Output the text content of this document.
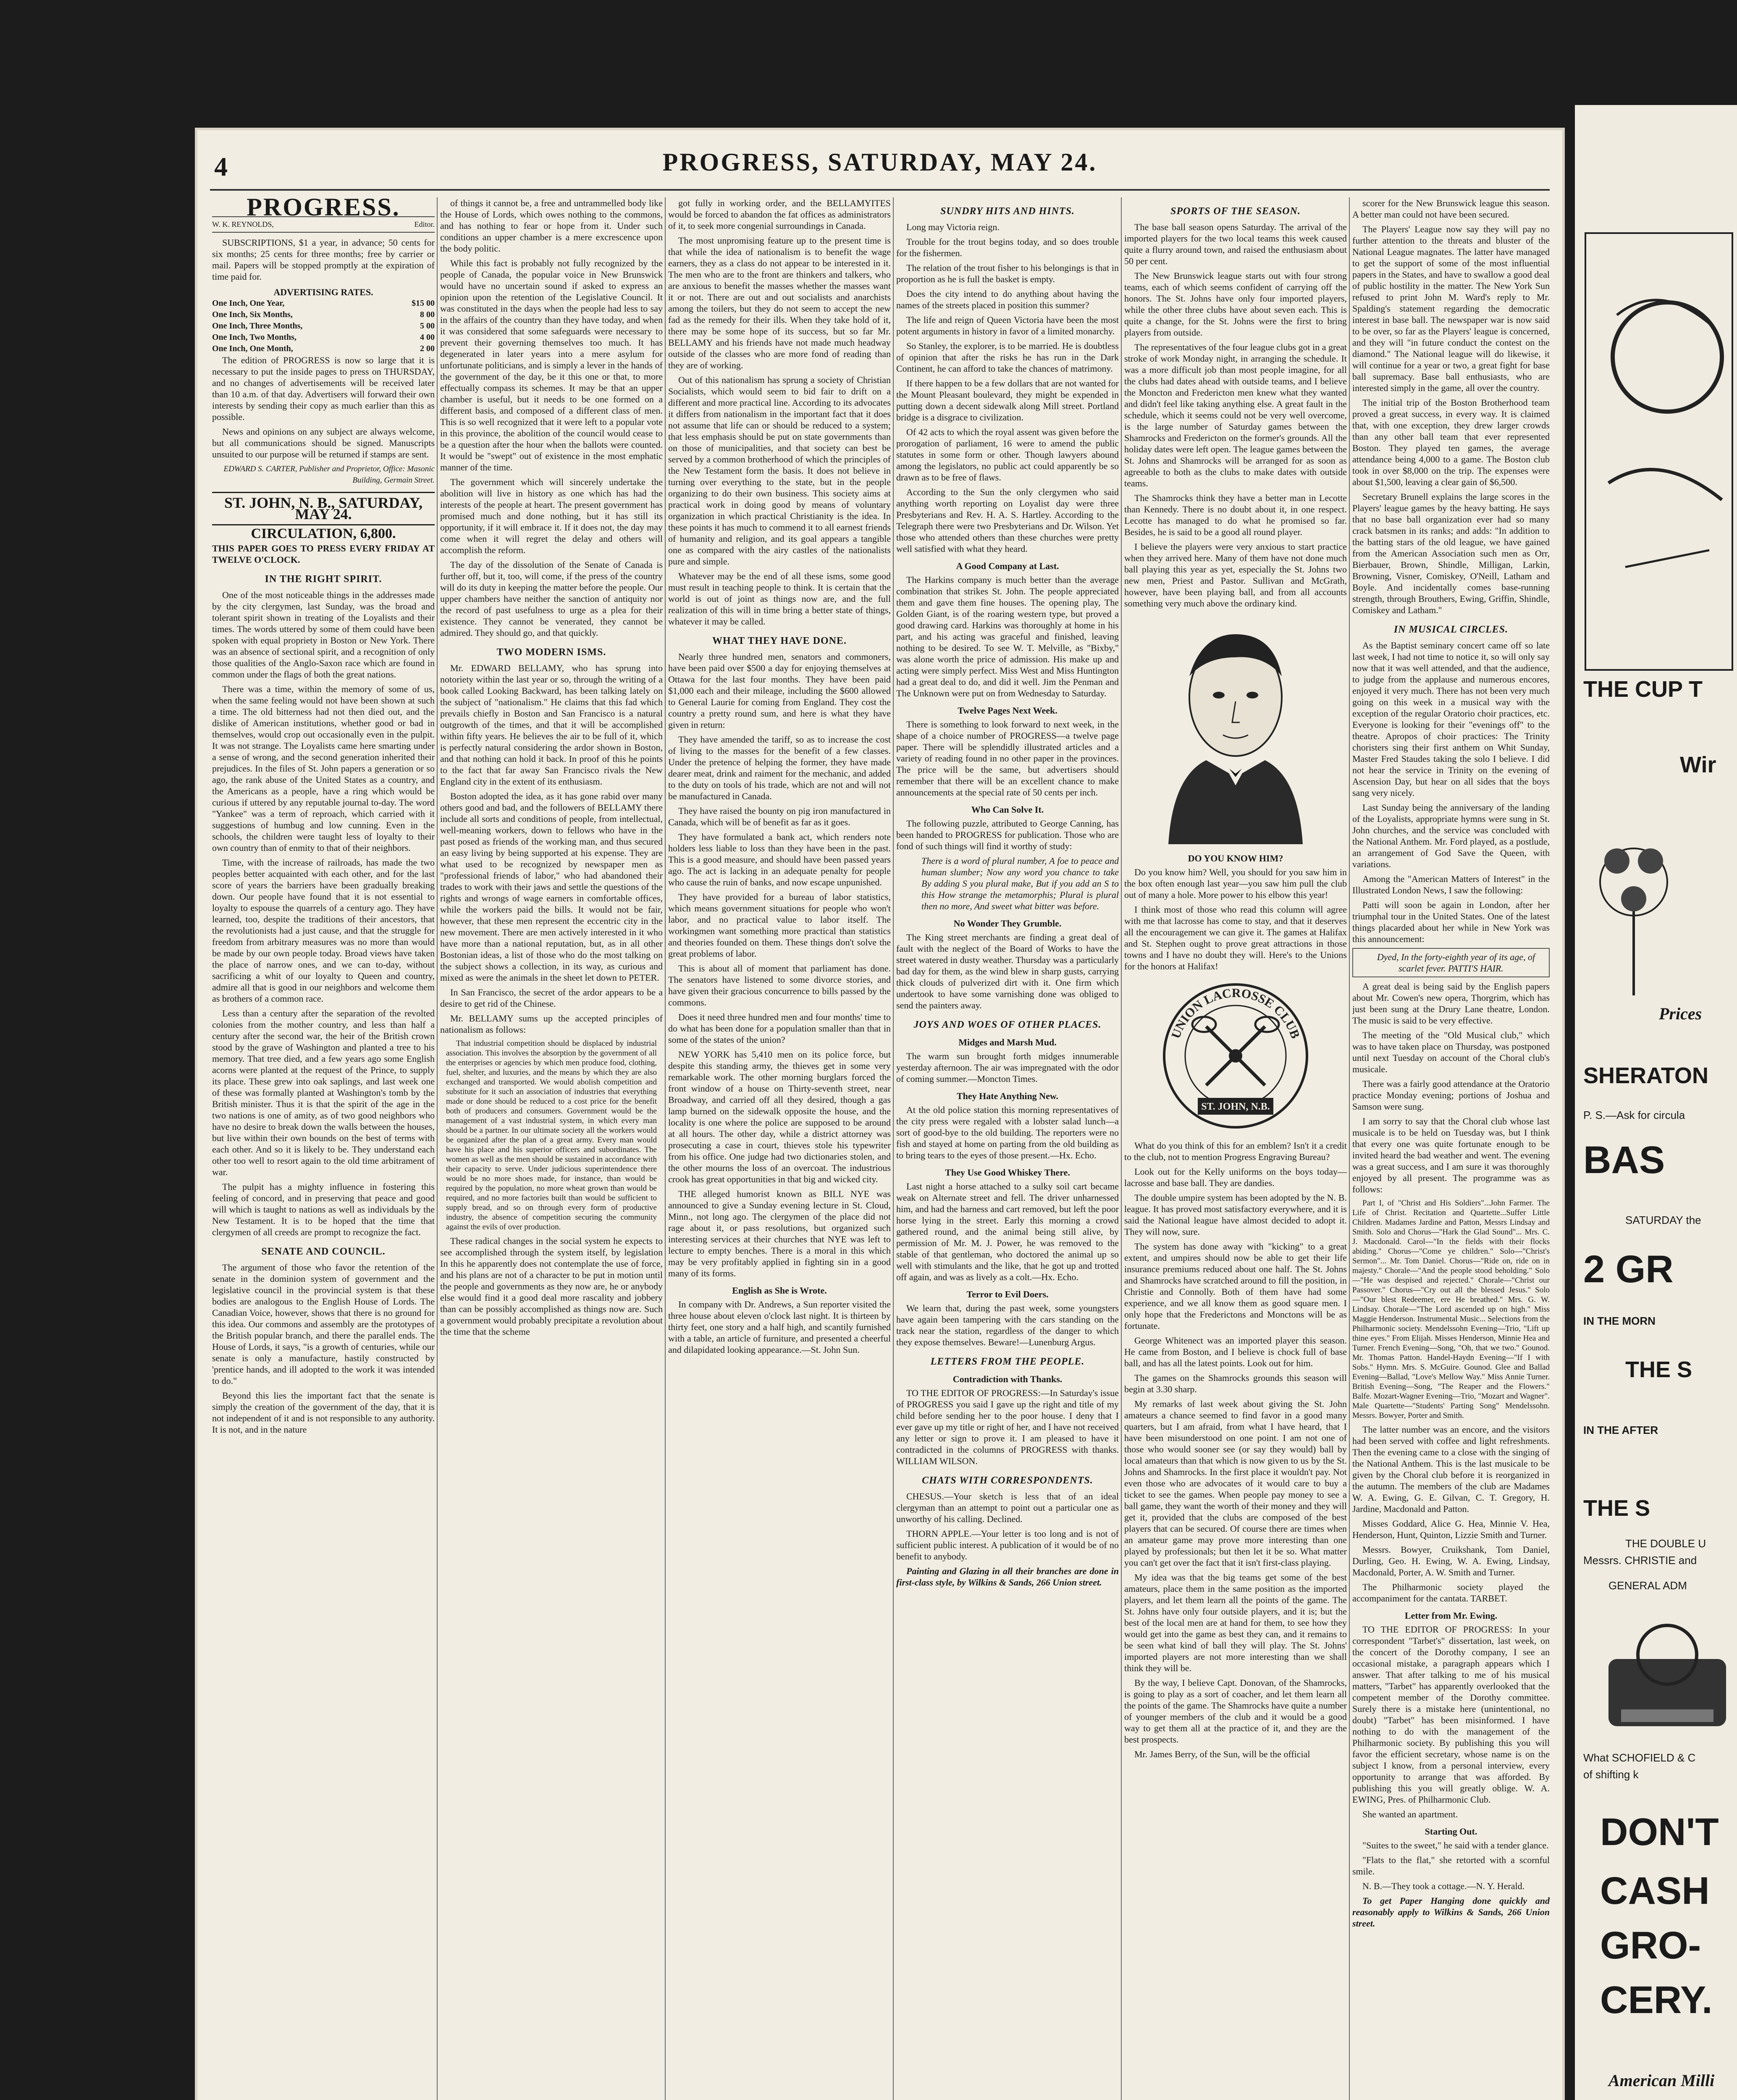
4	PROGRESS, SATURDAY, MAY 24.
PROGRESS.
W. K. REYNOLDS,	Editor.

SUBSCRIPTIONS, $1 a year, in advance; 50 cents for six months; 25 cents for three months; free by carrier or mail. Papers will be stopped promptly at the expiration of time paid for.

ADVERTISING RATES.
One Inch, One Year,	$15 00
One Inch, Six Months,	8 00
One Inch, Three Months,	5 00
One Inch, Two Months,	4 00
One Inch, One Month,	2 00

The edition of PROGRESS is now so large that it is necessary to put the inside pages to press on THURSDAY, and no changes of advertisements will be received later than 10 a.m. of that day. Advertisers will forward their own interests by sending their copy as much earlier than this as possible.

News and opinions on any subject are always welcome, but all communications should be signed. Manuscripts unsuited to our purpose will be returned if stamps are sent.

EDWARD S. CARTER, Publisher and Proprietor, Office: Masonic Building, Germain Street.
ST. JOHN, N. B., SATURDAY, MAY 24.
CIRCULATION, 6,800.
THIS PAPER GOES TO PRESS EVERY FRIDAY AT TWELVE O'CLOCK.
IN THE RIGHT SPIRIT.

One of the most noticeable things in the addresses made by the city clergymen, last Sunday, was the broad and tolerant spirit shown in treating of the Loyalists and their times. The words uttered by some of them could have been spoken with equal propriety in Boston or New York. There was an absence of sectional spirit, and a recognition of only those qualities of the Anglo-Saxon race which are found in common under the flags of both the great nations.

There was a time, within the memory of some of us, when the same feeling would not have been shown at such a time. The old bitterness had not then died out, and the dislike of American institutions, whether good or bad in themselves, would crop out occasionally even in the pulpit. It was not strange. The Loyalists came here smarting under a sense of wrong, and the second generation inherited their prejudices. In the files of St. John papers a generation or so ago, the rank abuse of the United States as a country, and the Americans as a people, have a ring which would be curious if uttered by any reputable journal to-day. The word "Yankee" was a term of reproach, which carried with it suggestions of humbug and low cunning. Even in the schools, the children were taught less of loyalty to their own country than of enmity to that of their neighbors.

Time, with the increase of railroads, has made the two peoples better acquainted with each other, and for the last score of years the barriers have been gradually breaking down. Our people have found that it is not essential to loyalty to espouse the quarrels of a century ago. They have learned, too, despite the traditions of their ancestors, that the revolutionists had a just cause, and that the struggle for freedom from arbitrary measures was no more than would be made by our own people today. Broad views have taken the place of narrow ones, and we can to-day, without sacrificing a whit of our loyalty to Queen and country, admire all that is good in our neighbors and welcome them as brothers of a common race.

Less than a century after the separation of the revolted colonies from the mother country, and less than half a century after the second war, the heir of the British crown stood by the grave of Washington and planted a tree to his memory. That tree died, and a few years ago some English acorns were planted at the request of the Prince, to supply its place. These grew into oak saplings, and last week one of these was formally planted at Washington's tomb by the British minister. Thus it is that the spirit of the age in the two nations is one of amity, as of two good neighbors who have no desire to break down the walls between the houses, but live within their own bounds on the best of terms with each other. And so it is likely to be. They understand each other too well to resort again to the old time arbitrament of war.

The pulpit has a mighty influence in fostering this feeling of concord, and in preserving that peace and good will which is taught to nations as well as individuals by the New Testament. It is to be hoped that the time that clergymen of all creeds are prompt to recognize the fact.

SENATE AND COUNCIL.

The argument of those who favor the retention of the senate in the dominion system of government and the legislative council in the provincial system is that these bodies are analogous to the English House of Lords. The Canadian Voice, however, shows that there is no ground for this idea. Our commons and assembly are the prototypes of the British popular branch, and there the parallel ends. The House of Lords, it says, "is a growth of centuries, while our senate is only a manufacture, hastily constructed by 'prentice hands, and ill adopted to the work it was intended to do."

Beyond this lies the important fact that the senate is simply the creation of the government of the day, that it is not independent of it and is not responsible to any authority. It is not, and in the nature

of things it cannot be, a free and untrammelled body like the House of Lords, which owes nothing to the commons, and has nothing to fear or hope from it. Under such conditions an upper chamber is a mere excrescence upon the body politic.

While this fact is probably not fully recognized by the people of Canada, the popular voice in New Brunswick would have no uncertain sound if asked to express an opinion upon the retention of the Legislative Council. It was constituted in the days when the people had less to say in the affairs of the country than they have today, and when it was considered that some safeguards were necessary to prevent their governing themselves too much. It has degenerated in later years into a mere asylum for unfortunate politicians, and is simply a lever in the hands of the government of the day, be it this one or that, to more effectually compass its schemes. It may be that an upper chamber is useful, but it needs to be one formed on a different basis, and composed of a different class of men. This is so well recognized that it were left to a popular vote in this province, the abolition of the council would cease to be a question after the hour when the ballots were counted. It would be "swept" out of existence in the most emphatic manner of the time.

The government which will sincerely undertake the abolition will live in history as one which has had the interests of the people at heart. The present government has promised much and done nothing, but it has still its opportunity, if it will embrace it. If it does not, the day may come when it will regret the delay and others will accomplish the reform.

The day of the dissolution of the Senate of Canada is further off, but it, too, will come, if the press of the country will do its duty in keeping the matter before the people. Our upper chambers have neither the sanction of antiquity nor the record of past usefulness to urge as a plea for their existence. They cannot be venerated, they cannot be admired. They should go, and that quickly.

TWO MODERN ISMS.

Mr. EDWARD BELLAMY, who has sprung into notoriety within the last year or so, through the writing of a book called Looking Backward, has been talking lately on the subject of "nationalism." He claims that this fad which prevails chiefly in Boston and San Francisco is a natural outgrowth of the times, and that it will be accomplished within fifty years. He believes the air to be full of it, which is perfectly natural considering the ardor shown in Boston, and that nothing can hold it back. In proof of this he points to the fact that far away San Francisco rivals the New England city in the extent of its enthusiasm.

Boston adopted the idea, as it has gone rabid over many others good and bad, and the followers of BELLAMY there include all sorts and conditions of people, from intellectual, well-meaning workers, down to fellows who have in the past posed as friends of the working man, and thus secured an easy living by being supported at his expense. They are what used to be recognized by newspaper men as "professional friends of labor," who had abandoned their trades to work with their jaws and settle the questions of the rights and wrongs of wage earners in comfortable offices, while the workers paid the bills. It would not be fair, however, that these men represent the eccentric city in the new movement. There are men actively interested in it who have more than a national reputation, but, as in all other Bostonian ideas, a list of those who do the most talking on the subject shows a collection, in its way, as curious and mixed as were the animals in the sheet let down to PETER.

In San Francisco, the secret of the ardor appears to be a desire to get rid of the Chinese.

Mr. BELLAMY sums up the accepted principles of nationalism as follows:

That industrial competition should be displaced by industrial association. This involves the absorption by the government of all the enterprises or agencies by which men produce food, clothing, fuel, shelter, and luxuries, and the means by which they are also exchanged and transported. We would abolish competition and substitute for it such an association of industries that everything made or done should be reduced to a cost price for the benefit both of producers and consumers. Government would be the management of a vast industrial system, in which every man should be a partner. In our ultimate society all the workers would be organized after the plan of a great army. Every man would have his place and his superior officers and subordinates. The women as well as the men should be sustained in accordance with their capacity to serve. Under judicious superintendence there would be no more shoes made, for instance, than would be required by the population, no more wheat grown than would be required, and no more factories built than would be sufficient to supply bread, and so on through every form of productive industry, the absence of competition securing the community against the evils of over production.

These radical changes in the social system he expects to see accomplished through the system itself, by legislation In this he apparently does not contemplate the use of force, and his plans are not of a character to be put in motion until the people and governments as they now are, he or anybody else would find it a good deal more rascality and jobbery than can be possibly accomplished as things now are. Such a government would probably precipitate a revolution about the time that the scheme

got fully in working order, and the BELLAMYITES would be forced to abandon the fat offices as administrators of it, to seek more congenial surroundings in Canada.

The most unpromising feature up to the present time is that while the idea of nationalism is to benefit the wage earners, they as a class do not appear to be interested in it. The men who are to the front are thinkers and talkers, who are anxious to benefit the masses whether the masses want it or not. There are out and out socialists and anarchists among the toilers, but they do not seem to accept the new fad as the remedy for their ills. When they take hold of it, there may be some hope of its success, but so far Mr. BELLAMY and his friends have not made much headway outside of the classes who are more fond of reading than they are of working.

Out of this nationalism has sprung a society of Christian Socialists, which would seem to bid fair to drift on a different and more practical line. According to its advocates it differs from nationalism in the important fact that it does not assume that life can or should be reduced to a system; that less emphasis should be put on state governments than on those of municipalities, and that society can best be served by a common brotherhood of which the principles of the New Testament form the basis. It does not believe in turning over everything to the state, but in the people organizing to do their own business. This society aims at practical work in doing good by means of voluntary organization in which practical Christianity is the idea. In these points it has much to commend it to all earnest friends of humanity and religion, and its goal appears a tangible one as compared with the airy castles of the nationalists pure and simple.

Whatever may be the end of all these isms, some good must result in teaching people to think. It is certain that the world is out of joint as things now are, and the full realization of this will in time bring a better state of things, whatever it may be called.

WHAT THEY HAVE DONE.

Nearly three hundred men, senators and commoners, have been paid over $500 a day for enjoying themselves at Ottawa for the last four months. They have been paid $1,000 each and their mileage, including the $600 allowed to General Laurie for coming from England. They cost the country a pretty round sum, and here is what they have given in return:

They have amended the tariff, so as to increase the cost of living to the masses for the benefit of a few classes. Under the pretence of helping the former, they have made dearer meat, drink and raiment for the mechanic, and added to the duty on tools of his trade, which are not and will not be manufactured in Canada.

They have raised the bounty on pig iron manufactured in Canada, which will be of benefit as far as it goes.

They have formulated a bank act, which renders note holders less liable to loss than they have been in the past. This is a good measure, and should have been passed years ago. The act is lacking in an adequate penalty for people who cause the ruin of banks, and now escape unpunished.

They have provided for a bureau of labor statistics, which means government situations for people who won't labor, and no practical value to labor itself. The workingmen want something more practical than statistics and theories founded on them. These things don't solve the great problems of labor.

This is about all of moment that parliament has done. The senators have listened to some divorce stories, and have given their gracious concurrence to bills passed by the commons.

Does it need three hundred men and four months' time to do what has been done for a population smaller than that in some of the states of the union?

NEW YORK has 5,410 men on its police force, but despite this standing army, the thieves get in some very remarkable work. The other morning burglars forced the front window of a house on Thirty-seventh street, near Broadway, and carried off all they desired, though a gas lamp burned on the sidewalk opposite the house, and the locality is one where the police are supposed to be around at all hours. The other day, while a district attorney was prosecuting a case in court, thieves stole his typewriter from his office. One judge had two dictionaries stolen, and the other mourns the loss of an overcoat. The industrious crook has great opportunities in that big and wicked city.

THE alleged humorist known as BILL NYE was announced to give a Sunday evening lecture in St. Cloud, Minn., not long ago. The clergymen of the place did not rage about it, or pass resolutions, but organized such interesting services at their churches that NYE was left to lecture to empty benches. There is a moral in this which may be very profitably applied in fighting sin in a good many of its forms.

English as She is Wrote.

In company with Dr. Andrews, a Sun reporter visited the three house about eleven o'clock last night. It is thirteen by thirty feet, one story and a half high, and scantily furnished with a table, an article of furniture, and presented a cheerful and dilapidated looking appearance.—St. John Sun.

SUNDRY HITS AND HINTS.

Long may Victoria reign.

Trouble for the trout begins today, and so does trouble for the fishermen.

The relation of the trout fisher to his belongings is that in proportion as he is full the basket is empty.

Does the city intend to do anything about having the names of the streets placed in position this summer?

The life and reign of Queen Victoria have been the most potent arguments in history in favor of a limited monarchy.

So Stanley, the explorer, is to be married. He is doubtless of opinion that after the risks he has run in the Dark Continent, he can afford to take the chances of matrimony.

If there happen to be a few dollars that are not wanted for the Mount Pleasant boulevard, they might be expended in putting down a decent sidewalk along Mill street. Portland bridge is a disgrace to civilization.

Of 42 acts to which the royal assent was given before the prorogation of parliament, 16 were to amend the public statutes in some form or other. Though lawyers abound among the legislators, no public act could apparently be so drawn as to be free of flaws.

According to the Sun the only clergymen who said anything worth reporting on Loyalist day were three Presbyterians and Rev. H. A. S. Hartley. According to the Telegraph there were two Presbyterians and Dr. Wilson. Yet those who attended others than these churches were pretty well satisfied with what they heard.

A Good Company at Last.

The Harkins company is much better than the average combination that strikes St. John. The people appreciated them and gave them fine houses. The opening play, The Golden Giant, is of the roaring western type, but proved a good drawing card. Harkins was thoroughly at home in his part, and his acting was graceful and finished, leaving nothing to be desired. To see W. T. Melville, as "Bixby," was alone worth the price of admission. His make up and acting were simply perfect. Miss West and Miss Huntington had a great deal to do, and did it well. Jim the Penman and The Unknown were put on from Wednesday to Saturday.

Twelve Pages Next Week.

There is something to look forward to next week, in the shape of a choice number of PROGRESS—a twelve page paper. There will be splendidly illustrated articles and a variety of reading found in no other paper in the provinces. The price will be the same, but advertisers should remember that there will be an excellent chance to make announcements at the special rate of 50 cents per inch.

Who Can Solve It.

The following puzzle, attributed to George Canning, has been handed to PROGRESS for publication. Those who are fond of such things will find it worthy of study:

There is a word of plural number, A foe to peace and human slumber; Now any word you chance to take By adding S you plural make, But if you add an S to this How strange the metamorphis; Plural is plural then no more, And sweet what bitter was before.

No Wonder They Grumble.

The King street merchants are finding a great deal of fault with the neglect of the Board of Works to have the street watered in dusty weather. Thursday was a particularly bad day for them, as the wind blew in sharp gusts, carrying thick clouds of pulverized dirt with it. One firm which undertook to have some varnishing done was obliged to send the painters away.

JOYS AND WOES OF OTHER PLACES.
Midges and Marsh Mud.

The warm sun brought forth midges innumerable yesterday afternoon. The air was impregnated with the odor of coming summer.—Moncton Times.

They Hate Anything New.

At the old police station this morning representatives of the city press were regaled with a lobster salad lunch—a sort of good-bye to the old building. The reporters were no fish and stayed at home on parting from the old building as to bring tears to the eyes of those present.—Hx. Echo.

They Use Good Whiskey There.

Last night a horse attached to a sulky soil cart became weak on Alternate street and fell. The driver unharnessed him, and had the harness and cart removed, but left the poor horse lying in the street. Early this morning a crowd gathered round, and the animal being still alive, by permission of Mr. M. J. Power, he was removed to the stable of that gentleman, who doctored the animal up so well with stimulants and the like, that he got up and trotted off again, and was as lively as a colt.—Hx. Echo.

Terror to Evil Doers.

We learn that, during the past week, some youngsters have again been tampering with the cars standing on the track near the station, regardless of the danger to which they expose themselves. Beware!—Lunenburg Argus.

LETTERS FROM THE PEOPLE.
Contradiction with Thanks.

TO THE EDITOR OF PROGRESS:—In Saturday's issue of PROGRESS you said I gave up the right and title of my child before sending her to the poor house. I deny that I ever gave up my title or right of her, and I have not received any letter or sign to prove it. I am pleased to have it contradicted in the columns of PROGRESS with thanks. WILLIAM WILSON.

CHATS WITH CORRESPONDENTS.

CHESUS.—Your sketch is less that of an ideal clergyman than an attempt to point out a particular one as unworthy of his calling. Declined.

THORN APPLE.—Your letter is too long and is not of sufficient public interest. A publication of it would be of no benefit to anybody.

Painting and Glazing in all their branches are done in first-class style, by Wilkins & Sands, 266 Union street.

SPORTS OF THE SEASON.

The base ball season opens Saturday. The arrival of the imported players for the two local teams this week caused quite a flurry around town, and raised the enthusiasm about 50 per cent.

The New Brunswick league starts out with four strong teams, each of which seems confident of carrying off the honors. The St. Johns have only four imported players, while the other three clubs have about seven each. This is quite a change, for the St. Johns were the first to bring players from outside.

The representatives of the four league clubs got in a great stroke of work Monday night, in arranging the schedule. It was a more difficult job than most people imagine, for all the clubs had dates ahead with outside teams, and I believe the Moncton and Fredericton men knew what they wanted and didn't feel like taking anything else. A great fault in the schedule, which it seems could not be very well overcome, is the large number of Saturday games between the Shamrocks and Fredericton on the former's grounds. All the holiday dates were left open. The league games between the St. Johns and Shamrocks will be arranged for as soon as agreeable to both as the clubs to make dates with outside teams.

The Shamrocks think they have a better man in Lecotte than Kennedy. There is no doubt about it, in one respect. Lecotte has managed to do what he promised so far. Besides, he is said to be a good all round player.

I believe the players were very anxious to start practice when they arrived here. Many of them have not done much ball playing this year as yet, especially the St. Johns two new men, Priest and Pastor. Sullivan and McGrath, however, have been playing ball, and from all accounts something very much above the ordinary kind.

DO YOU KNOW HIM?

Do you know him? Well, you should for you saw him in the box often enough last year—you saw him pull the club out of many a hole. More power to his elbow this year!

I think most of those who read this column will agree with me that lacrosse has come to stay, and that it deserves all the encouragement we can give it. The games at Halifax and St. Stephen ought to prove great attractions in those towns and I have no doubt they will. Here's to the Unions for the honors at Halifax!

UNION LACROSSE CLUB
ST. JOHN, N.B.

What do you think of this for an emblem? Isn't it a credit to the club, not to mention Progress Engraving Bureau?

Look out for the Kelly uniforms on the boys today—lacrosse and base ball. They are dandies.

The double umpire system has been adopted by the N. B. league. It has proved most satisfactory everywhere, and it is said the National league have almost decided to adopt it. They will now, sure.

The system has done away with "kicking" to a great extent, and umpires should now be able to get their life insurance premiums reduced about one half. The St. Johns and Shamrocks have scratched around to fill the position, in Christie and Connolly. Both of them have had some experience, and we all know them as good square men. I only hope that the Frederictons and Monctons will be as fortunate.

George Whitenect was an imported player this season. He came from Boston, and I believe is chock full of base ball, and has all the latest points. Look out for him.

The games on the Shamrocks grounds this season will begin at 3.30 sharp.

My remarks of last week about giving the St. John amateurs a chance seemed to find favor in a good many quarters, but I am afraid, from what I have heard, that I have been misunderstood on one point. I am not one of those who would sooner see (or say they would) ball by local amateurs than that which is now given to us by the St. Johns and Shamrocks. In the first place it wouldn't pay. Not even those who are advocates of it would care to buy a ticket to see the games. When people pay money to see a ball game, they want the worth of their money and they will get it, provided that the clubs are composed of the best players that can be secured. Of course there are times when an amateur game may prove more interesting than one played by professionals; but then let it be so. What matter you can't get over the fact that it isn't first-class playing.

My idea was that the big teams get some of the best amateurs, place them in the same position as the imported players, and let them learn all the points of the game. The St. Johns have only four outside players, and it is; but the best of the local men are at hand for them, to see how they would get into the game as best they can, and it remains to be seen what kind of ball they will play. The St. Johns' imported players are not more interesting than we shall think they will be.

By the way, I believe Capt. Donovan, of the Shamrocks, is going to play as a sort of coacher, and let them learn all the points of the game. The Shamrocks have quite a number of younger members of the club and it would be a good way to get them all at the practice of it, and they are the best prospects.

Mr. James Berry, of the Sun, will be the official

scorer for the New Brunswick league this season. A better man could not have been secured.

The Players' League now say they will pay no further attention to the threats and bluster of the National League magnates. The latter have managed to get the support of some of the most influential papers in the States, and have to swallow a good deal of public hostility in the matter. The New York Sun refused to print John M. Ward's reply to Mr. Spalding's statement regarding the democratic interest in base ball. The newspaper war is now said to be over, so far as the Players' league is concerned, and they will "in future conduct the contest on the diamond." The National league will do likewise, it will continue for a year or two, a great fight for base ball supremacy. Base ball enthusiasts, who are interested simply in the game, all over the country.

The initial trip of the Boston Brotherhood team proved a great success, in every way. It is claimed that, with one exception, they drew larger crowds than any other ball team that ever represented Boston. They played ten games, the average attendance being 4,000 to a game. The Boston club took in over $8,000 on the trip. The expenses were about $1,500, leaving a clear gain of $6,500.

Secretary Brunell explains the large scores in the Players' league games by the heavy batting. He says that no base ball organization ever had so many crack batsmen in its ranks; and adds: "In addition to the batting stars of the old league, we have gained from the American Association such men as Orr, Bierbauer, Brown, Shindle, Milligan, Larkin, Browning, Visner, Comiskey, O'Neill, Latham and Boyle. And incidentally comes base-running strength, through Brouthers, Ewing, Griffin, Shindle, Comiskey and Latham."

IN MUSICAL CIRCLES.

As the Baptist seminary concert came off so late last week, I had not time to notice it, so will only say now that it was well attended, and that the audience, to judge from the applause and numerous encores, enjoyed it very much. There has not been very much going on this week in a musical way with the exception of the regular Oratorio choir practices, etc. Everyone is looking for their "evenings off" to the theatre. Apropos of choir practices: The Trinity choristers sing their first anthem on Whit Sunday, Master Fred Staudes taking the solo I believe. I did not hear the service in Trinity on the evening of Ascension Day, but hear on all sides that the boys sang very nicely.

Last Sunday being the anniversary of the landing of the Loyalists, appropriate hymns were sung in St. John churches, and the service was concluded with the National Anthem. Mr. Ford played, as a postlude, an arrangement of God Save the Queen, with variations.

Among the "American Matters of Interest" in the Illustrated London News, I saw the following:

Patti will soon be again in London, after her triumphal tour in the United States. One of the latest things placarded about her while in New York was this announcement:

Dyed, In the forty-eighth year of its age, of scarlet fever. PATTI'S HAIR.

A great deal is being said by the English papers about Mr. Cowen's new opera, Thorgrim, which has just been sung at the Drury Lane theatre, London. The music is said to be very effective.

The meeting of the "Old Musical club," which was to have taken place on Thursday, was postponed until next Tuesday on account of the Choral club's musicale.

There was a fairly good attendance at the Oratorio practice Monday evening; portions of Joshua and Samson were sung.

I am sorry to say that the Choral club whose last musicale is to be held on Tuesday was, but I think that every one was quite fortunate enough to be invited heard the bad weather and went. The evening was a great success, and I am sure it was thoroughly enjoyed by all present. The programme was as follows:

Part I, of "Christ and His Soldiers"...John Farmer. The Life of Christ. Recitation and Quartette...Suffer Little Children. Madames Jardine and Patton, Messrs Lindsay and Smith. Solo and Chorus—"Hark the Glad Sound"... Mrs. C. J. Macdonald. Carol—"In the fields with their flocks abiding." Chorus—"Come ye children." Solo—"Christ's Sermon"... Mr. Tom Daniel. Chorus—"Ride on, ride on in majesty." Chorale—"And the people stood beholding." Solo—"He was despised and rejected." Chorale—"Christ our Passover." Chorus—"Cry out all the blessed Jesus." Solo—"Our blest Redeemer, ere He breathed." Mrs. G. W. Lindsay. Chorale—"The Lord ascended up on high." Miss Maggie Henderson. Instrumental Music... Selections from the Philharmonic society. Mendelssohn Evening—Trio, "Lift up thine eyes." From Elijah. Misses Henderson, Minnie Hea and Turner. French Evening—Song, "Oh, that we two." Gounod. Mr. Thomas Patton. Handel-Haydn Evening—"If I with Sobs." Hymn. Mrs. S. McGuire. Gounod. Glee and Ballad Evening—Ballad, "Love's Mellow Way." Miss Annie Turner. British Evening—Song, "The Reaper and the Flowers." Balfe. Mozart-Wagner Evening—Trio, "Mozart and Wagner". Male Quartette—"Students' Parting Song" Mendelssohn. Messrs. Bowyer, Porter and Smith.

The latter number was an encore, and the visitors had been served with coffee and light refreshments. Then the evening came to a close with the singing of the National Anthem. This is the last musicale to be given by the Choral club before it is reorganized in the autumn. The members of the club are Madames W. A. Ewing, G. E. Gilvan, C. T. Gregory, H. Jardine, Macdonald and Patton.

Misses Goddard, Alice G. Hea, Minnie V. Hea, Henderson, Hunt, Quinton, Lizzie Smith and Turner.

Messrs. Bowyer, Cruikshank, Tom Daniel, Durling, Geo. H. Ewing, W. A. Ewing, Lindsay, Macdonald, Porter, A. W. Smith and Turner.

The Philharmonic society played the accompaniment for the cantata. TARBET.

Letter from Mr. Ewing.

TO THE EDITOR OF PROGRESS: In your correspondent "Tarbet's" dissertation, last week, on the concert of the Dorothy company, I see an occasional mistake, a paragraph appears which I answer. That after talking to me of his musical matters, "Tarbet" has apparently overlooked that the competent member of the Dorothy committee. Surely there is a mistake here (unintentional, no doubt) "Tarbet" has been misinformed. I have nothing to do with the management of the Philharmonic society. By publishing this you will favor the efficient secretary, whose name is on the subject I know, from a personal interview, every opportunity to arrange that was afforded. By publishing this you will greatly oblige. W. A. EWING, Pres. of Philharmonic Club.

She wanted an apartment.

Starting Out.

"Suites to the sweet," he said with a tender glance.

"Flats to the flat," she retorted with a scornful smile.

N. B.—They took a cottage.—N. Y. Herald.

To get Paper Hanging done quickly and reasonably apply to Wilkins & Sands, 266 Union street.

THE CUP T
Wir
Prices
SHERATON
P. S.—Ask for circula
BAS
SATURDAY the
2 GR
IN THE MORN
THE S
IN THE AFTER
THE S
THE DOUBLE U
Messrs. CHRISTIE and
GENERAL ADM
What SCHOFIELD & C
of shifting k
DON'T
CASH
GRO-
CERY.
American Milli
